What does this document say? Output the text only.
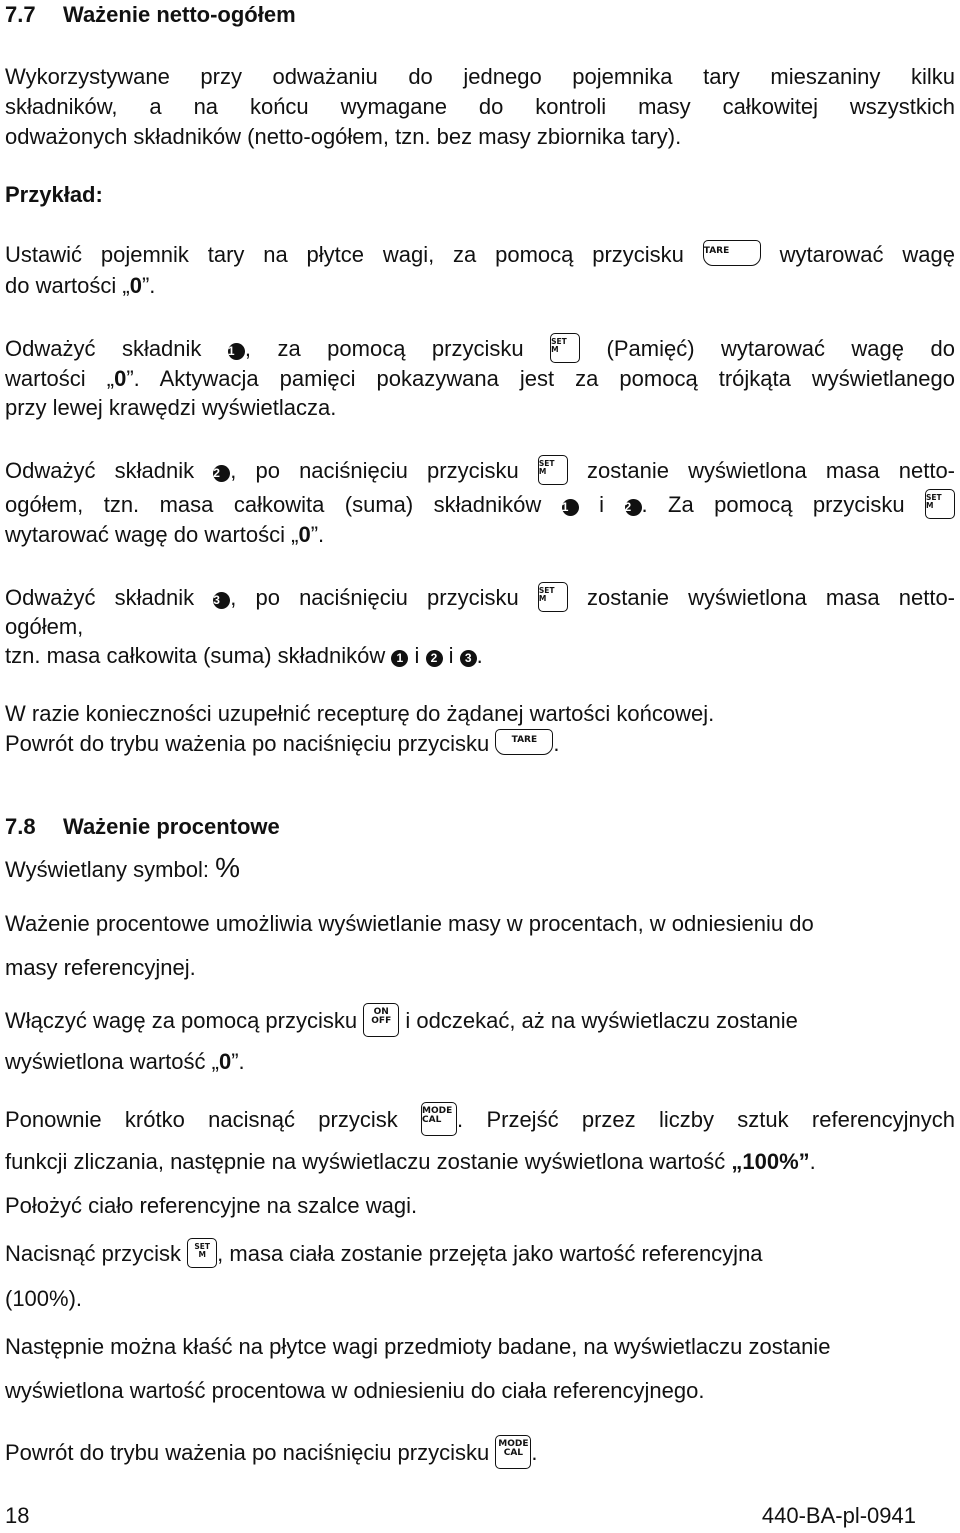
7.7 Ważenie netto-ogółem
Wykorzystywane przy odważaniu do jednego pojemnika tary mieszaniny kilku
składników, a na końcu wymagane do kontroli masy całkowitej wszystkich
odważonych składników (netto-ogółem, tzn. bez masy zbiornika tary).
Przykład:
Ustawić pojemnik tary na płytce wagi, za pomocą przycisku TARE wytarować wagę
do wartości „0”.
Odważyć składnik 1 , za pomocą przycisku	SET
M	(Pamięć) wytarować wagę do
wartości „0”. Aktywacja pamięci pokazywana jest za pomocą trójkąta wyświetlanego
przy lewej krawędzi wyświetlacza.
Odważyć składnik 2 , po naciśnięciu przycisku	SET
M	zostanie wyświetlona masa netto-
ogółem, tzn. masa całkowita (suma) składników 1 i 2 . Za pomocą przycisku	SET
M
wytarować wagę do wartości „0”.
Odważyć składnik 3 , po naciśnięciu przycisku	SET
M	zostanie wyświetlona masa netto-
ogółem,
tzn. masa całkowita (suma) składników 1 i 2 i 3 .
W razie konieczności uzupełnić recepturę do żądanej wartości końcowej.
Powrót do trybu ważenia po naciśnięciu przycisku TARE .
7.8 Ważenie procentowe
Wyświetlany symbol: %
Ważenie procentowe umożliwia wyświetlanie masy w procentach, w odniesieniu do
masy referencyjnej.
Włączyć wagę za pomocą przycisku	ON
OFF i odczekać, aż na wyświetlaczu zostanie
wyświetlona wartość „0”.
Ponownie krótko nacisnąć przycisk	MODE
CAL . Przejść przez liczby sztuk referencyjnych
funkcji zliczania, następnie na wyświetlaczu zostanie wyświetlona wartość „100%”.
Położyć ciało referencyjne na szalce wagi.
Nacisnąć przycisk	SET
M , masa ciała zostanie przejęta jako wartość referencyjna
(100%).
Następnie można kłaść na płytce wagi przedmioty badane, na wyświetlaczu zostanie
wyświetlona wartość procentowa w odniesieniu do ciała referencyjnego.
Powrót do trybu ważenia po naciśnięciu przycisku MODE
CAL .
18	440-BA-pl-0941
